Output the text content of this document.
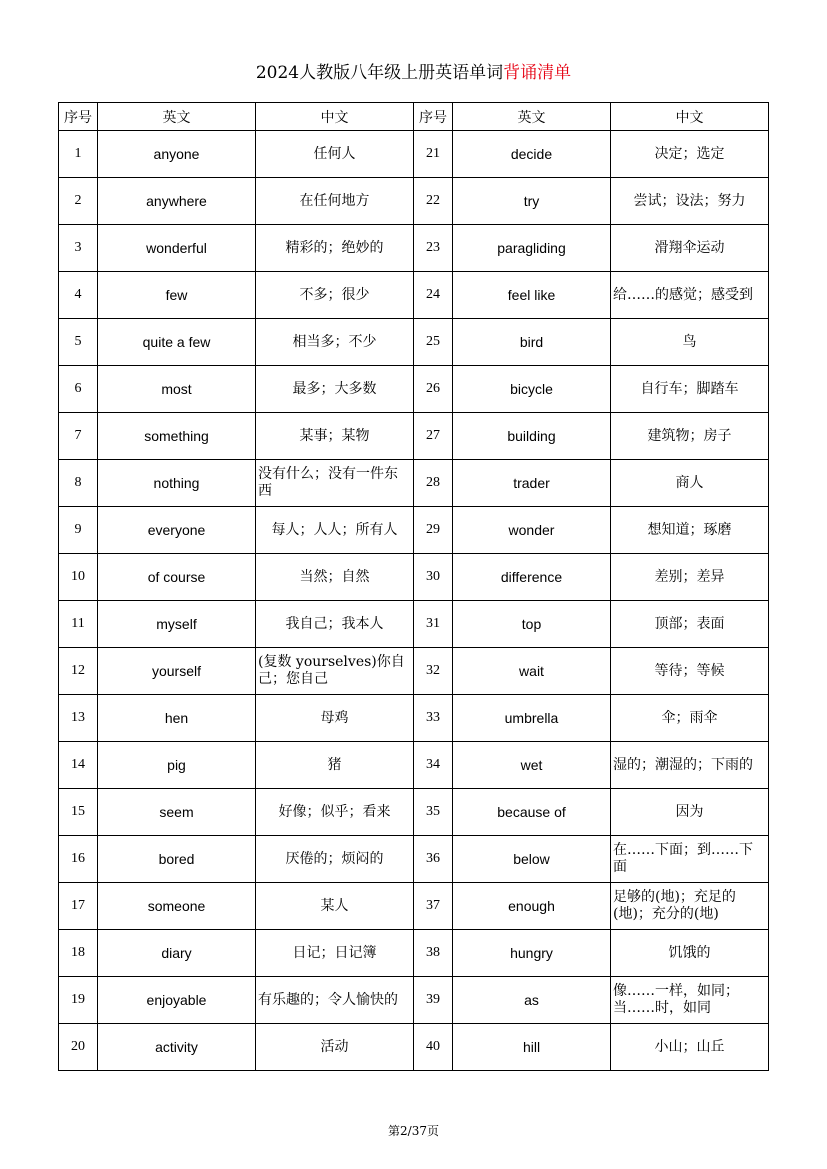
2024人教版八年级上册英语单词背诵清单
序号	英文	中文	序号	英文	中文
1	anyone	任何人	21	decide	决定；选定
2	anywhere	在任何地方	22	try	尝试；设法；努力
3	wonderful	精彩的；绝妙的	23	paragliding	滑翔伞运动
4	few	不多；很少	24	feel like	给……的感觉；感受到
5	quite a few	相当多；不少	25	bird	鸟
6	most	最多；大多数	26	bicycle	自行车；脚踏车
7	something	某事；某物	27	building	建筑物；房子
8	nothing	没有什么；没有一件东西	28	trader	商人
9	everyone	每人；人人；所有人	29	wonder	想知道；琢磨
10	of course	当然；自然	30	difference	差别；差异
11	myself	我自己；我本人	31	top	顶部；表面
12	yourself	(复数 yourselves)你自己；您自己	32	wait	等待；等候
13	hen	母鸡	33	umbrella	伞；雨伞
14	pig	猪	34	wet	湿的；潮湿的；下雨的
15	seem	好像；似乎；看来	35	because of	因为
16	bored	厌倦的；烦闷的	36	below	在……下面；到……下面
17	someone	某人	37	enough	足够的(地)；充足的(地)；充分的(地)
18	diary	日记；日记簿	38	hungry	饥饿的
19	enjoyable	有乐趣的；令人愉快的	39	as	像……一样，如同；当……时，如同
20	activity	活动	40	hill	小山；山丘
第2/37页
